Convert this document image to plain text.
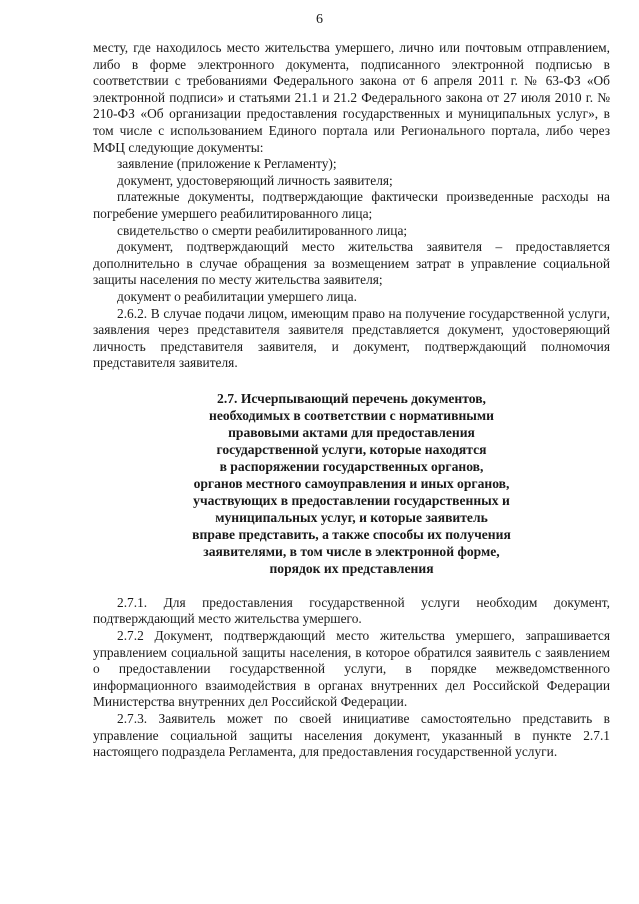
6

месту, где находилось место жительства умершего, лично или почтовым отправлением, либо в форме электронного документа, подписанного электронной подписью в соответствии с требованиями Федерального закона от 6 апреля 2011 г. № 63-ФЗ «Об электронной подписи» и статьями 21.1 и 21.2 Федерального закона от 27 июля 2010 г. № 210-ФЗ «Об организации предоставления государственных и муниципальных услуг», в том числе с использованием Единого портала или Регионального портала, либо через МФЦ следующие документы:

заявление (приложение к Регламенту);

документ, удостоверяющий личность заявителя;

платежные документы, подтверждающие фактически произведенные расходы на погребение умершего реабилитированного лица;

свидетельство о смерти реабилитированного лица;

документ, подтверждающий место жительства заявителя – предоставляется дополнительно в случае обращения за возмещением затрат в управление социальной защиты населения по месту жительства заявителя;

документ о реабилитации умершего лица.

2.6.2. В случае подачи лицом, имеющим право на получение государственной услуги, заявления через представителя заявителя представляется документ, удостоверяющий личность представителя заявителя, и документ, подтверждающий полномочия представителя заявителя.

2.7. Исчерпывающий перечень документов,
необходимых в соответствии с нормативными
правовыми актами для предоставления
государственной услуги, которые находятся
в распоряжении государственных органов,
органов местного самоуправления и иных органов,
участвующих в предоставлении государственных и
муниципальных услуг, и которые заявитель
вправе представить, а также способы их получения
заявителями, в том числе в электронной форме,
порядок их представления

2.7.1. Для предоставления государственной услуги необходим документ, подтверждающий место жительства умершего.

2.7.2 Документ, подтверждающий место жительства умершего, запрашивается управлением социальной защиты населения, в которое обратился заявитель с заявлением о предоставлении государственной услуги, в порядке межведомственного информационного взаимодействия в органах внутренних дел Российской Федерации Министерства внутренних дел Российской Федерации.

2.7.3. Заявитель может по своей инициативе самостоятельно представить в управление социальной защиты населения документ, указанный в пункте 2.7.1 настоящего подраздела Регламента, для предоставления государственной услуги.
